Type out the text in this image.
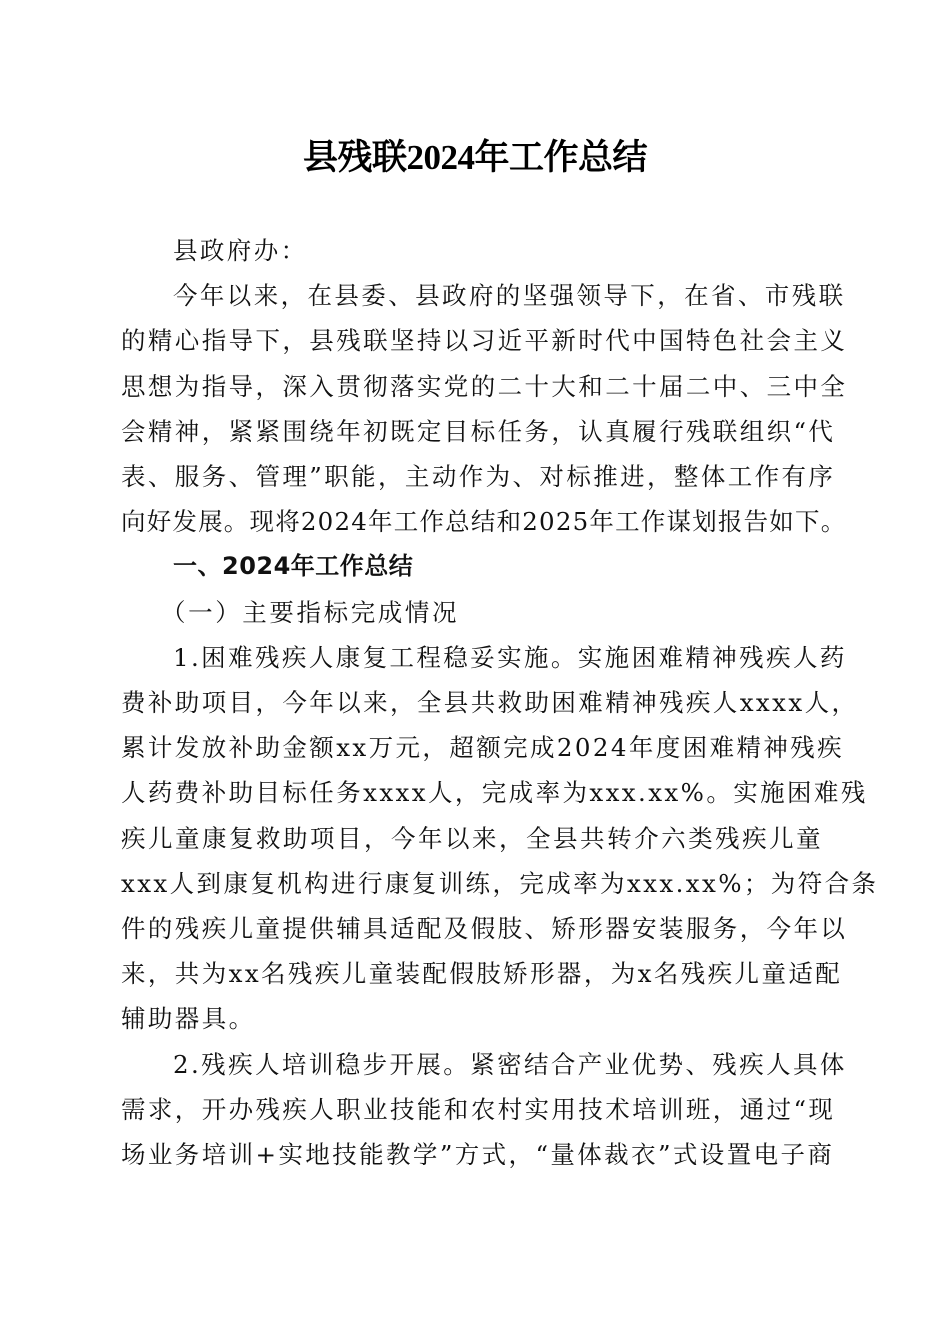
县残联2024年工作总结

县政府办：

今年以来，在县委、县政府的坚强领导下，在省、市残联
的精心指导下，县残联坚持以习近平新时代中国特色社会主义
思想为指导，深入贯彻落实党的二十大和二十届二中、三中全
会精神，紧紧围绕年初既定目标任务，认真履行残联组织“代
表、服务、管理”职能，主动作为、对标推进，整体工作有序
向好发展。现将2024年工作总结和2025年工作谋划报告如下。

一、2024年工作总结

（一）主要指标完成情况

1.困难残疾人康复工程稳妥实施。实施困难精神残疾人药
费补助项目，今年以来，全县共救助困难精神残疾人xxxx人，
累计发放补助金额xx万元，超额完成2024年度困难精神残疾
人药费补助目标任务xxxx人，完成率为xxx.xx%。实施困难残
疾儿童康复救助项目，今年以来，全县共转介六类残疾儿童
xxx人到康复机构进行康复训练，完成率为xxx.xx%；为符合条
件的残疾儿童提供辅具适配及假肢、矫形器安装服务，今年以
来，共为xx名残疾儿童装配假肢矫形器，为x名残疾儿童适配
辅助器具。
2.残疾人培训稳步开展。紧密结合产业优势、残疾人具体
需求，开办残疾人职业技能和农村实用技术培训班，通过“现
场业务培训+实地技能教学”方式，“量体裁衣”式设置电子商
